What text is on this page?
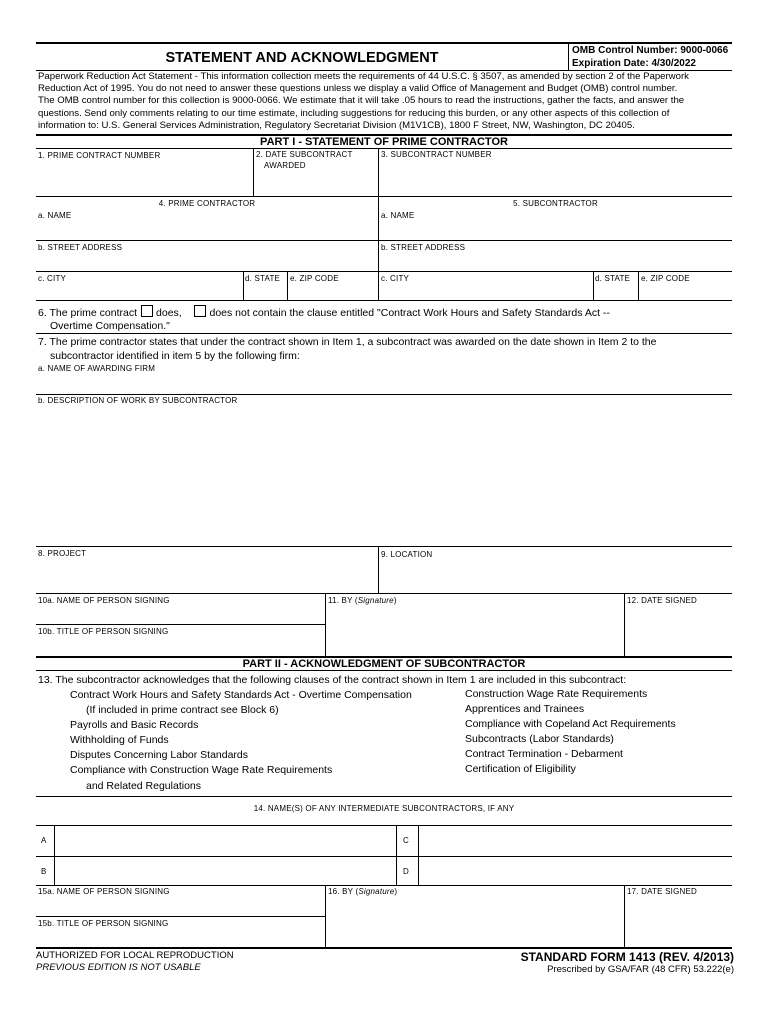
STATEMENT AND ACKNOWLEDGMENT	OMB Control Number: 9000-0066
Expiration Date: 4/30/2022
Paperwork Reduction Act Statement - This information collection meets the requirements of 44 U.S.C. § 3507, as amended by section 2 of the Paperwork
Reduction Act of 1995. You do not need to answer these questions unless we display a valid Office of Management and Budget (OMB) control number.
The OMB control number for this collection is 9000-0066. We estimate that it will take .05 hours to read the instructions, gather the facts, and answer the
questions. Send only comments relating to our time estimate, including suggestions for reducing this burden, or any other aspects of this collection of
information to: U.S. General Services Administration, Regulatory Secretariat Division (M1V1CB), 1800 F Street, NW, Washington, DC 20405.
PART I - STATEMENT OF PRIME CONTRACTOR
1. PRIME CONTRACT NUMBER	2. DATE SUBCONTRACT
AWARDED
3. SUBCONTRACT NUMBER
4. PRIME CONTRACTOR	5. SUBCONTRACTOR
a. NAME	a. NAME
b. STREET ADDRESS	b. STREET ADDRESS
c. CITY	d. STATE e. ZIP CODE	c. CITY	d. STATE e. ZIP CODE
6. The prime contract does,	does not contain the clause entitled "Contract Work Hours and Safety Standards Act --
Overtime Compensation."
7. The prime contractor states that under the contract shown in Item 1, a subcontract was awarded on the date shown in Item 2 to the
subcontractor identified in item 5 by the following firm:
a. NAME OF AWARDING FIRM
b. DESCRIPTION OF WORK BY SUBCONTRACTOR
8. PROJECT	9. LOCATION
10a. NAME OF PERSON SIGNING	11. BY (Signature)	12. DATE SIGNED
10b. TITLE OF PERSON SIGNING
PART II - ACKNOWLEDGMENT OF SUBCONTRACTOR
13. The subcontractor acknowledges that the following clauses of the contract shown in Item 1 are included in this subcontract:
Contract Work Hours and Safety Standards Act - Overtime Compensation
(If included in prime contract see Block 6)
Payrolls and Basic Records
Withholding of Funds
Disputes Concerning Labor Standards
Compliance with Construction Wage Rate Requirements
and Related Regulations
Construction Wage Rate Requirements
Apprentices and Trainees
Compliance with Copeland Act Requirements
Subcontracts (Labor Standards)
Contract Termination - Debarment
Certification of Eligibility
14. NAME(S) OF ANY INTERMEDIATE SUBCONTRACTORS, IF ANY
A	C
B	D
15a. NAME OF PERSON SIGNING	16. BY (Signature)	17. DATE SIGNED
15b. TITLE OF PERSON SIGNING
AUTHORIZED FOR LOCAL REPRODUCTION
PREVIOUS EDITION IS NOT USABLE
STANDARD FORM 1413 (REV. 4/2013)
Prescribed by GSA/FAR (48 CFR) 53.222(e)
